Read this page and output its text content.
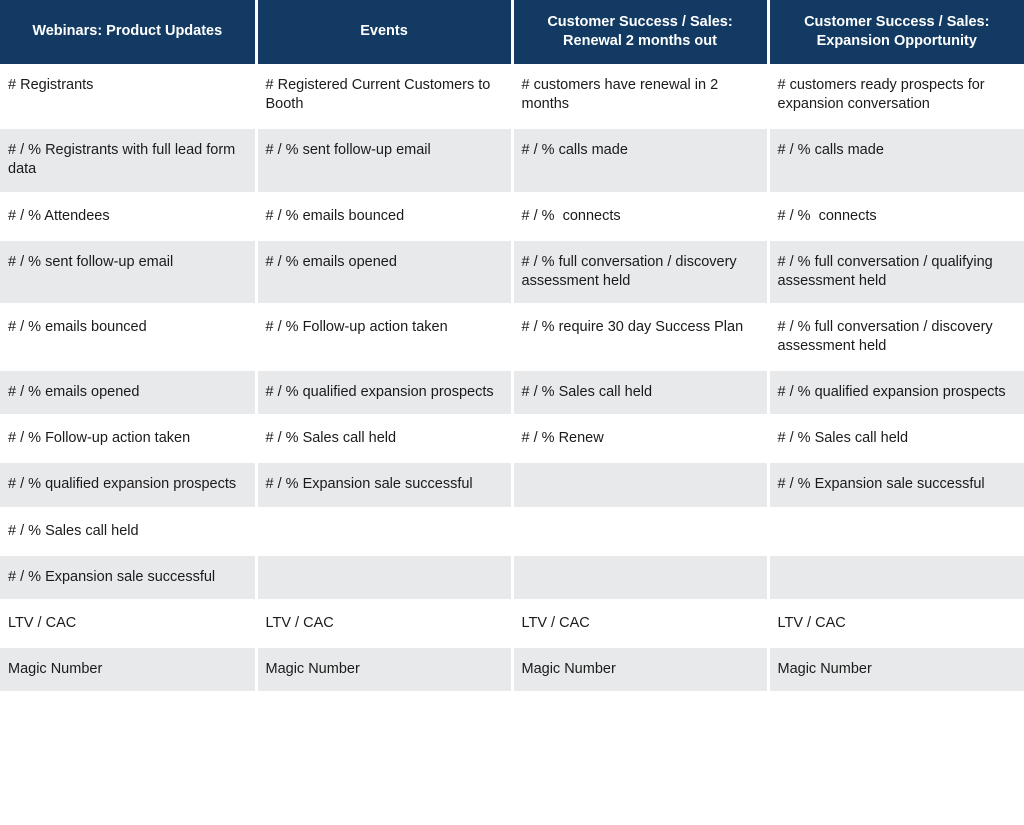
Webinars: Product Updates	Events	Customer Success / Sales: Renewal 2 months out	Customer Success / Sales: Expansion Opportunity

# Registrants	# Registered Current Customers to Booth	# customers have renewal in 2 months	# customers ready prospects for expansion conversation

# / % Registrants with full lead form data	# / % sent follow-up email	# / % calls made	# / % calls made

# / % Attendees	# / % emails bounced	# / %  connects	# / %  connects

# / % sent follow-up email	# / % emails opened	# / % full conversation / discovery assessment held	# / % full conversation / qualifying assessment held

# / % emails bounced	# / % Follow-up action taken	# / % require 30 day Success Plan	# / % full conversation / discovery assessment held

# / % emails opened	# / % qualified expansion prospects	# / % Sales call held	# / % qualified expansion prospects

# / % Follow-up action taken	# / % Sales call held	# / % Renew	# / % Sales call held

# / % qualified expansion prospects	# / % Expansion sale successful		# / % Expansion sale successful

# / % Sales call held			

# / % Expansion sale successful			

LTV / CAC	LTV / CAC	LTV / CAC	LTV / CAC

Magic Number	Magic Number	Magic Number	Magic Number
